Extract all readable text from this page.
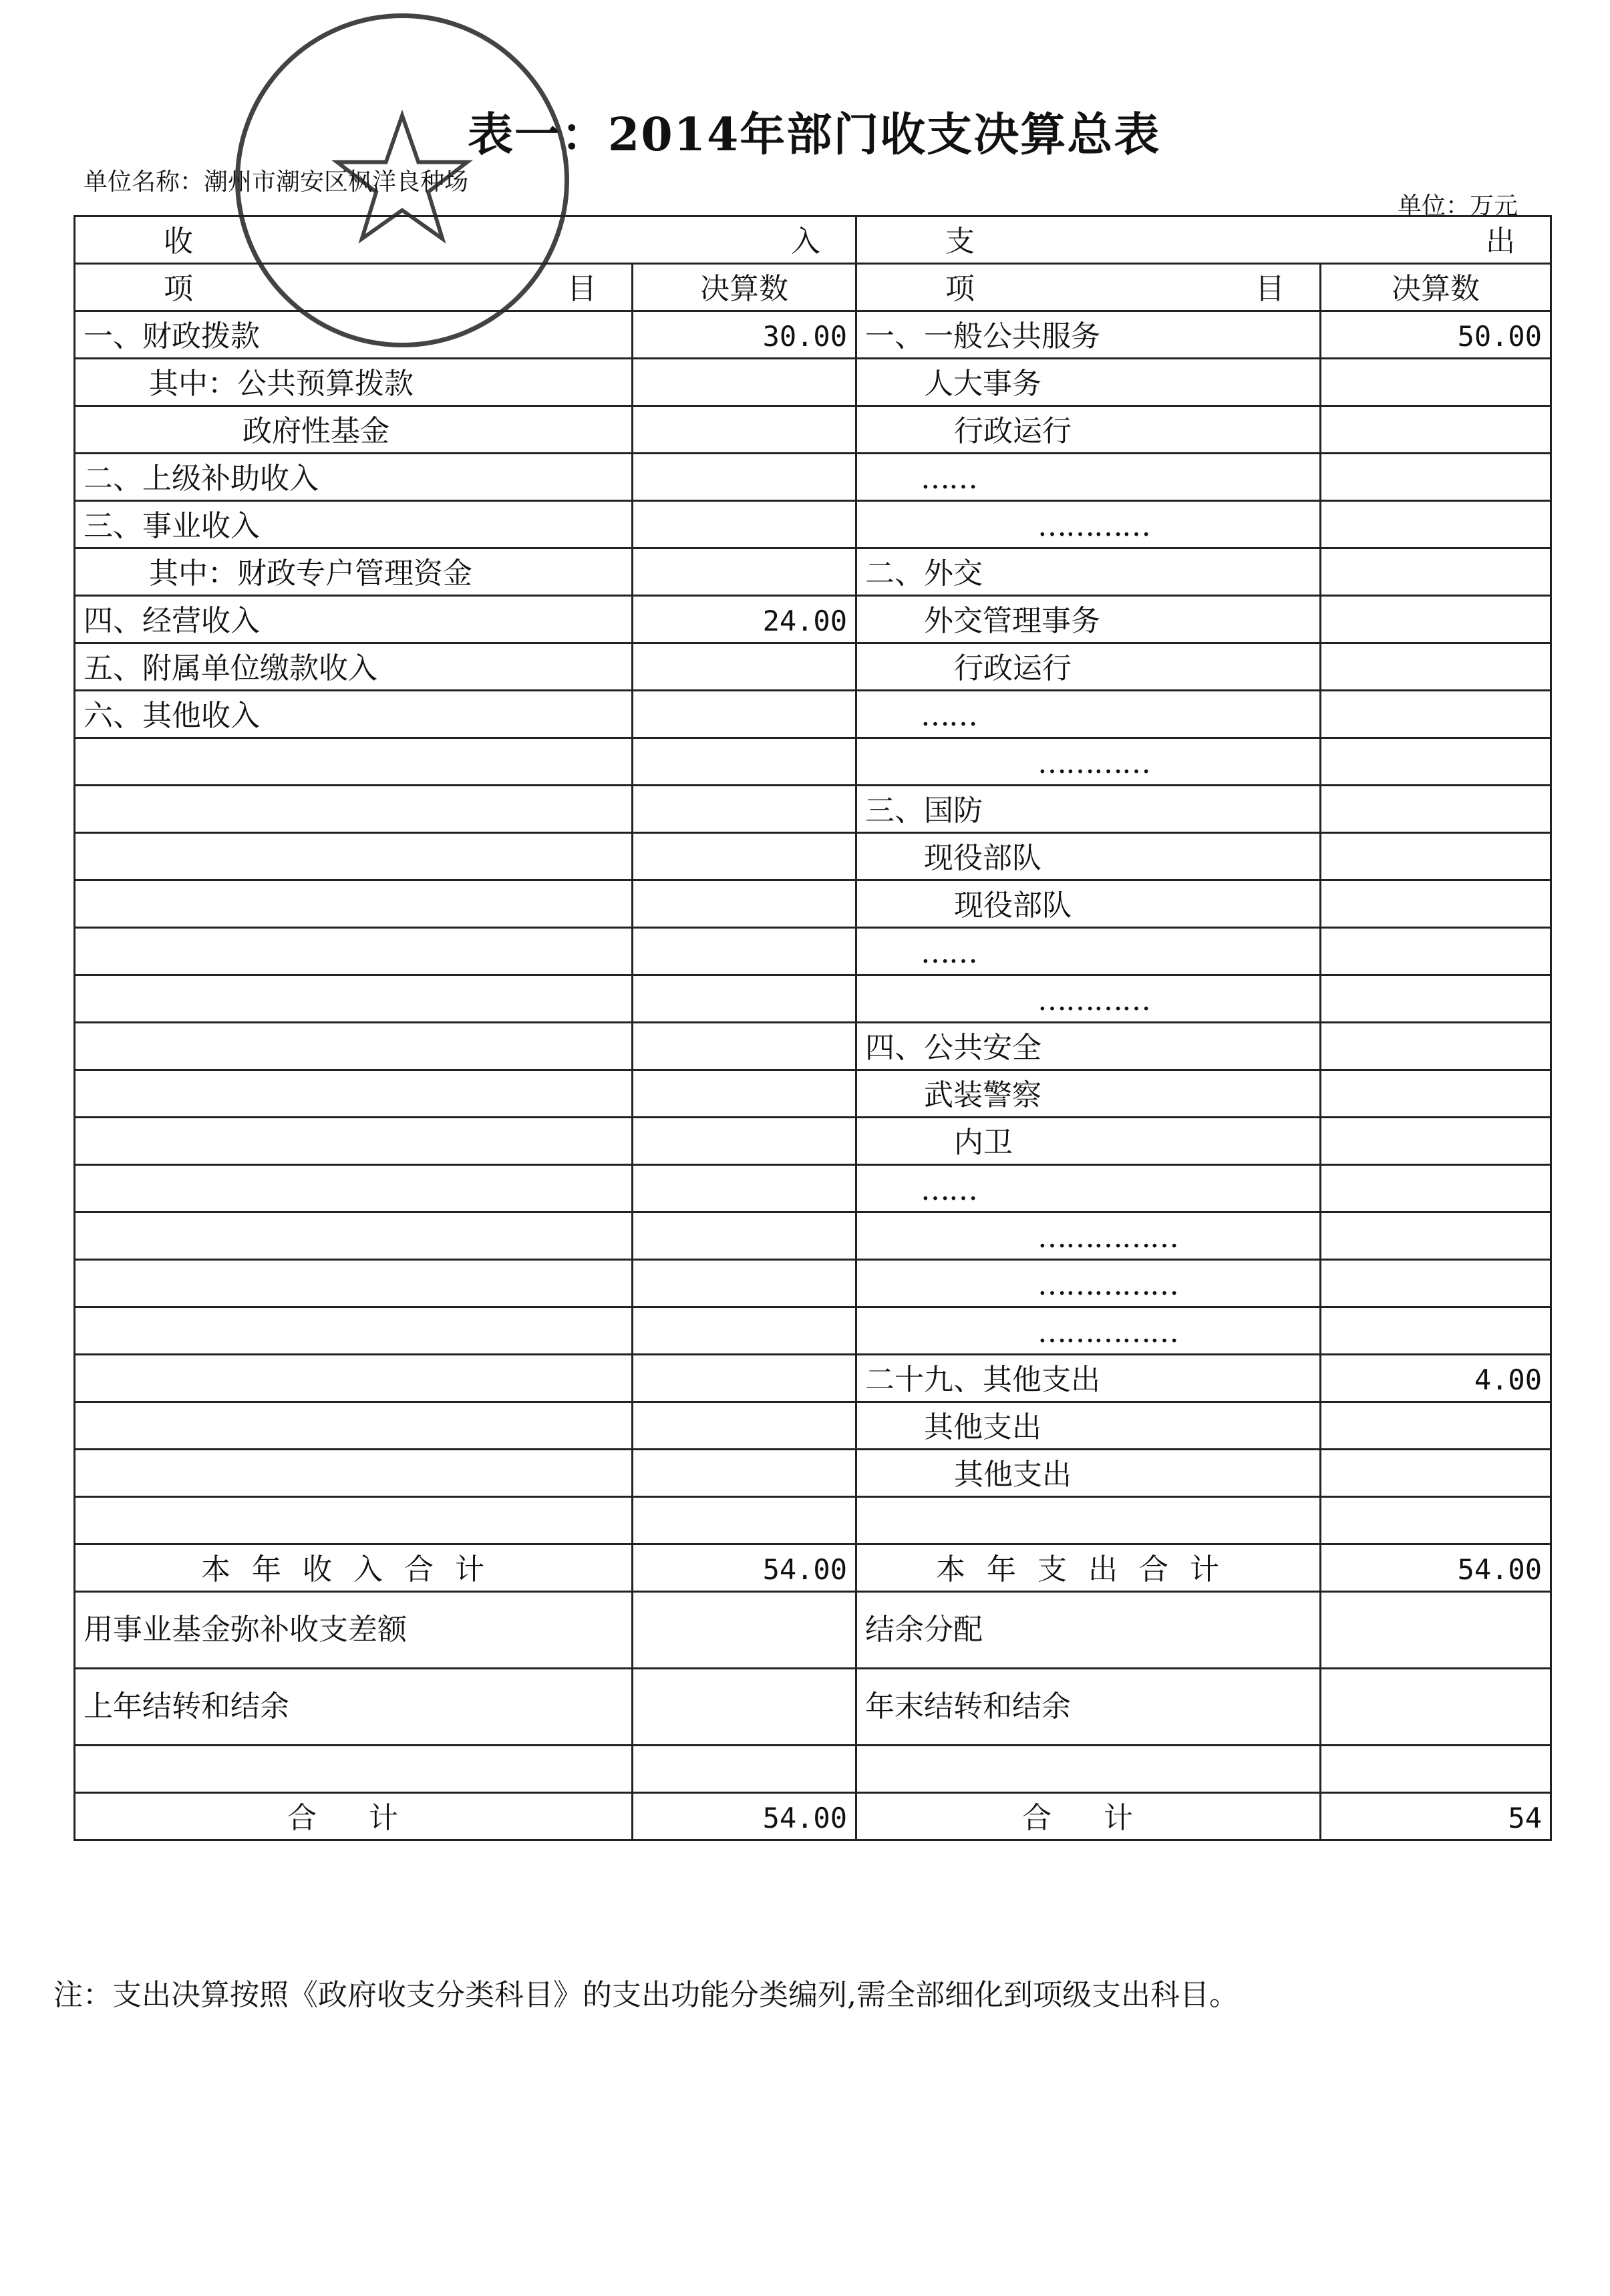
表一：2014年部门收支决算总表
单位名称：潮州市潮安区枫洋良种场
单位：万元
收 入		支 出	

项 目	决算数	项 目	决算数
一、财政拨款	30.00	一、一般公共服务	50.00
其中：公共预算拨款		人大事务	
政府性基金		行政运行	
二、上级补助收入		……	
三、事业收入		…………	
其中：财政专户管理资金		二、外交	
四、经营收入	24.00	外交管理事务	
五、附属单位缴款收入		行政运行	
六、其他收入		……	
		…………	
		三、国防	
		现役部队	
		现役部队	
		……	
		…………	
		四、公共安全	
		武装警察	
		内卫	
		……	
		……………	
		……………	
		……………	
		二十九、其他支出	4.00
		其他支出	
		其他支出	

本年收入合计	54.00	本年支出合计	54.00
用事业基金弥补收支差额		结余分配	
上年结转和结余		年末结转和结余	

合 计	54.00	合 计	54
注：支出决算按照《政府收支分类科目》的支出功能分类编列,需全部细化到项级支出科目。
